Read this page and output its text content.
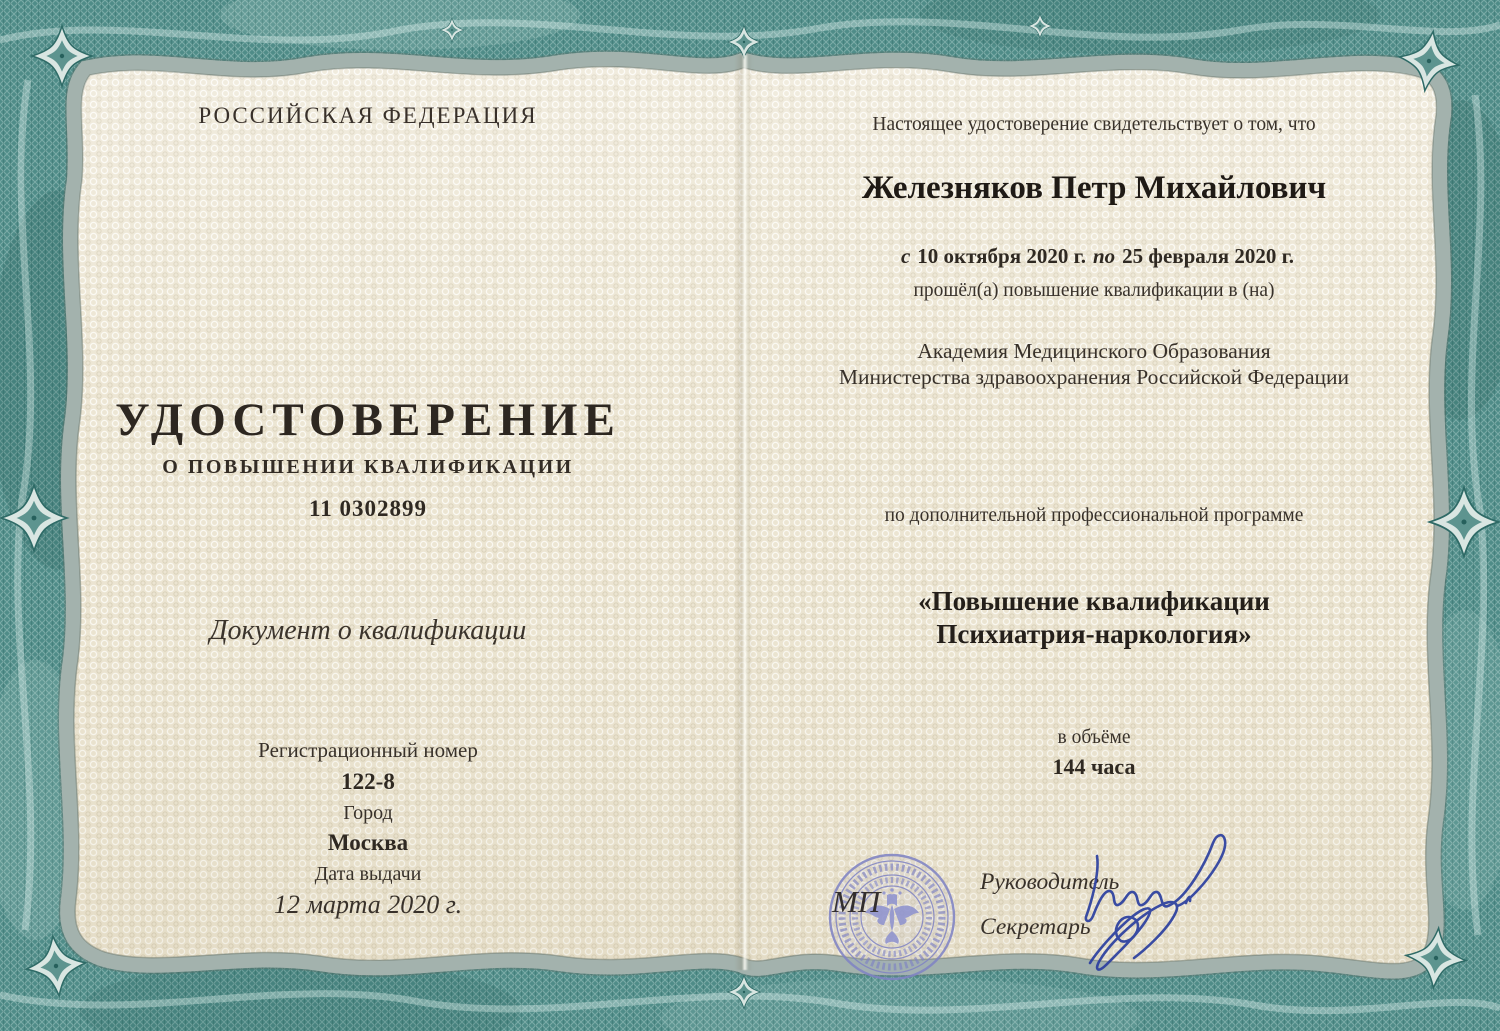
РОССИЙСКАЯ ФЕДЕРАЦИЯ
УДОСТОВЕРЕНИЕ
О ПОВЫШЕНИИ КВАЛИФИКАЦИИ
11 0302899
Документ о квалификации
Регистрационный номер
122-8
Город
Москва
Дата выдачи
12 марта 2020 г.
Настоящее удостоверение свидетельствует о том, что
Железняков Петр Михайлович
с 10 октября 2020 г. по 25 февраля 2020 г.
прошёл(а) повышение квалификации в (на)
Академия Медицинского Образования
Министерства здравоохранения Российской Федерации
по дополнительной профессиональной программе
«Повышение квалификации
Психиатрия-наркология»
в объёме
144 часа
Руководитель
Секретарь
МП
